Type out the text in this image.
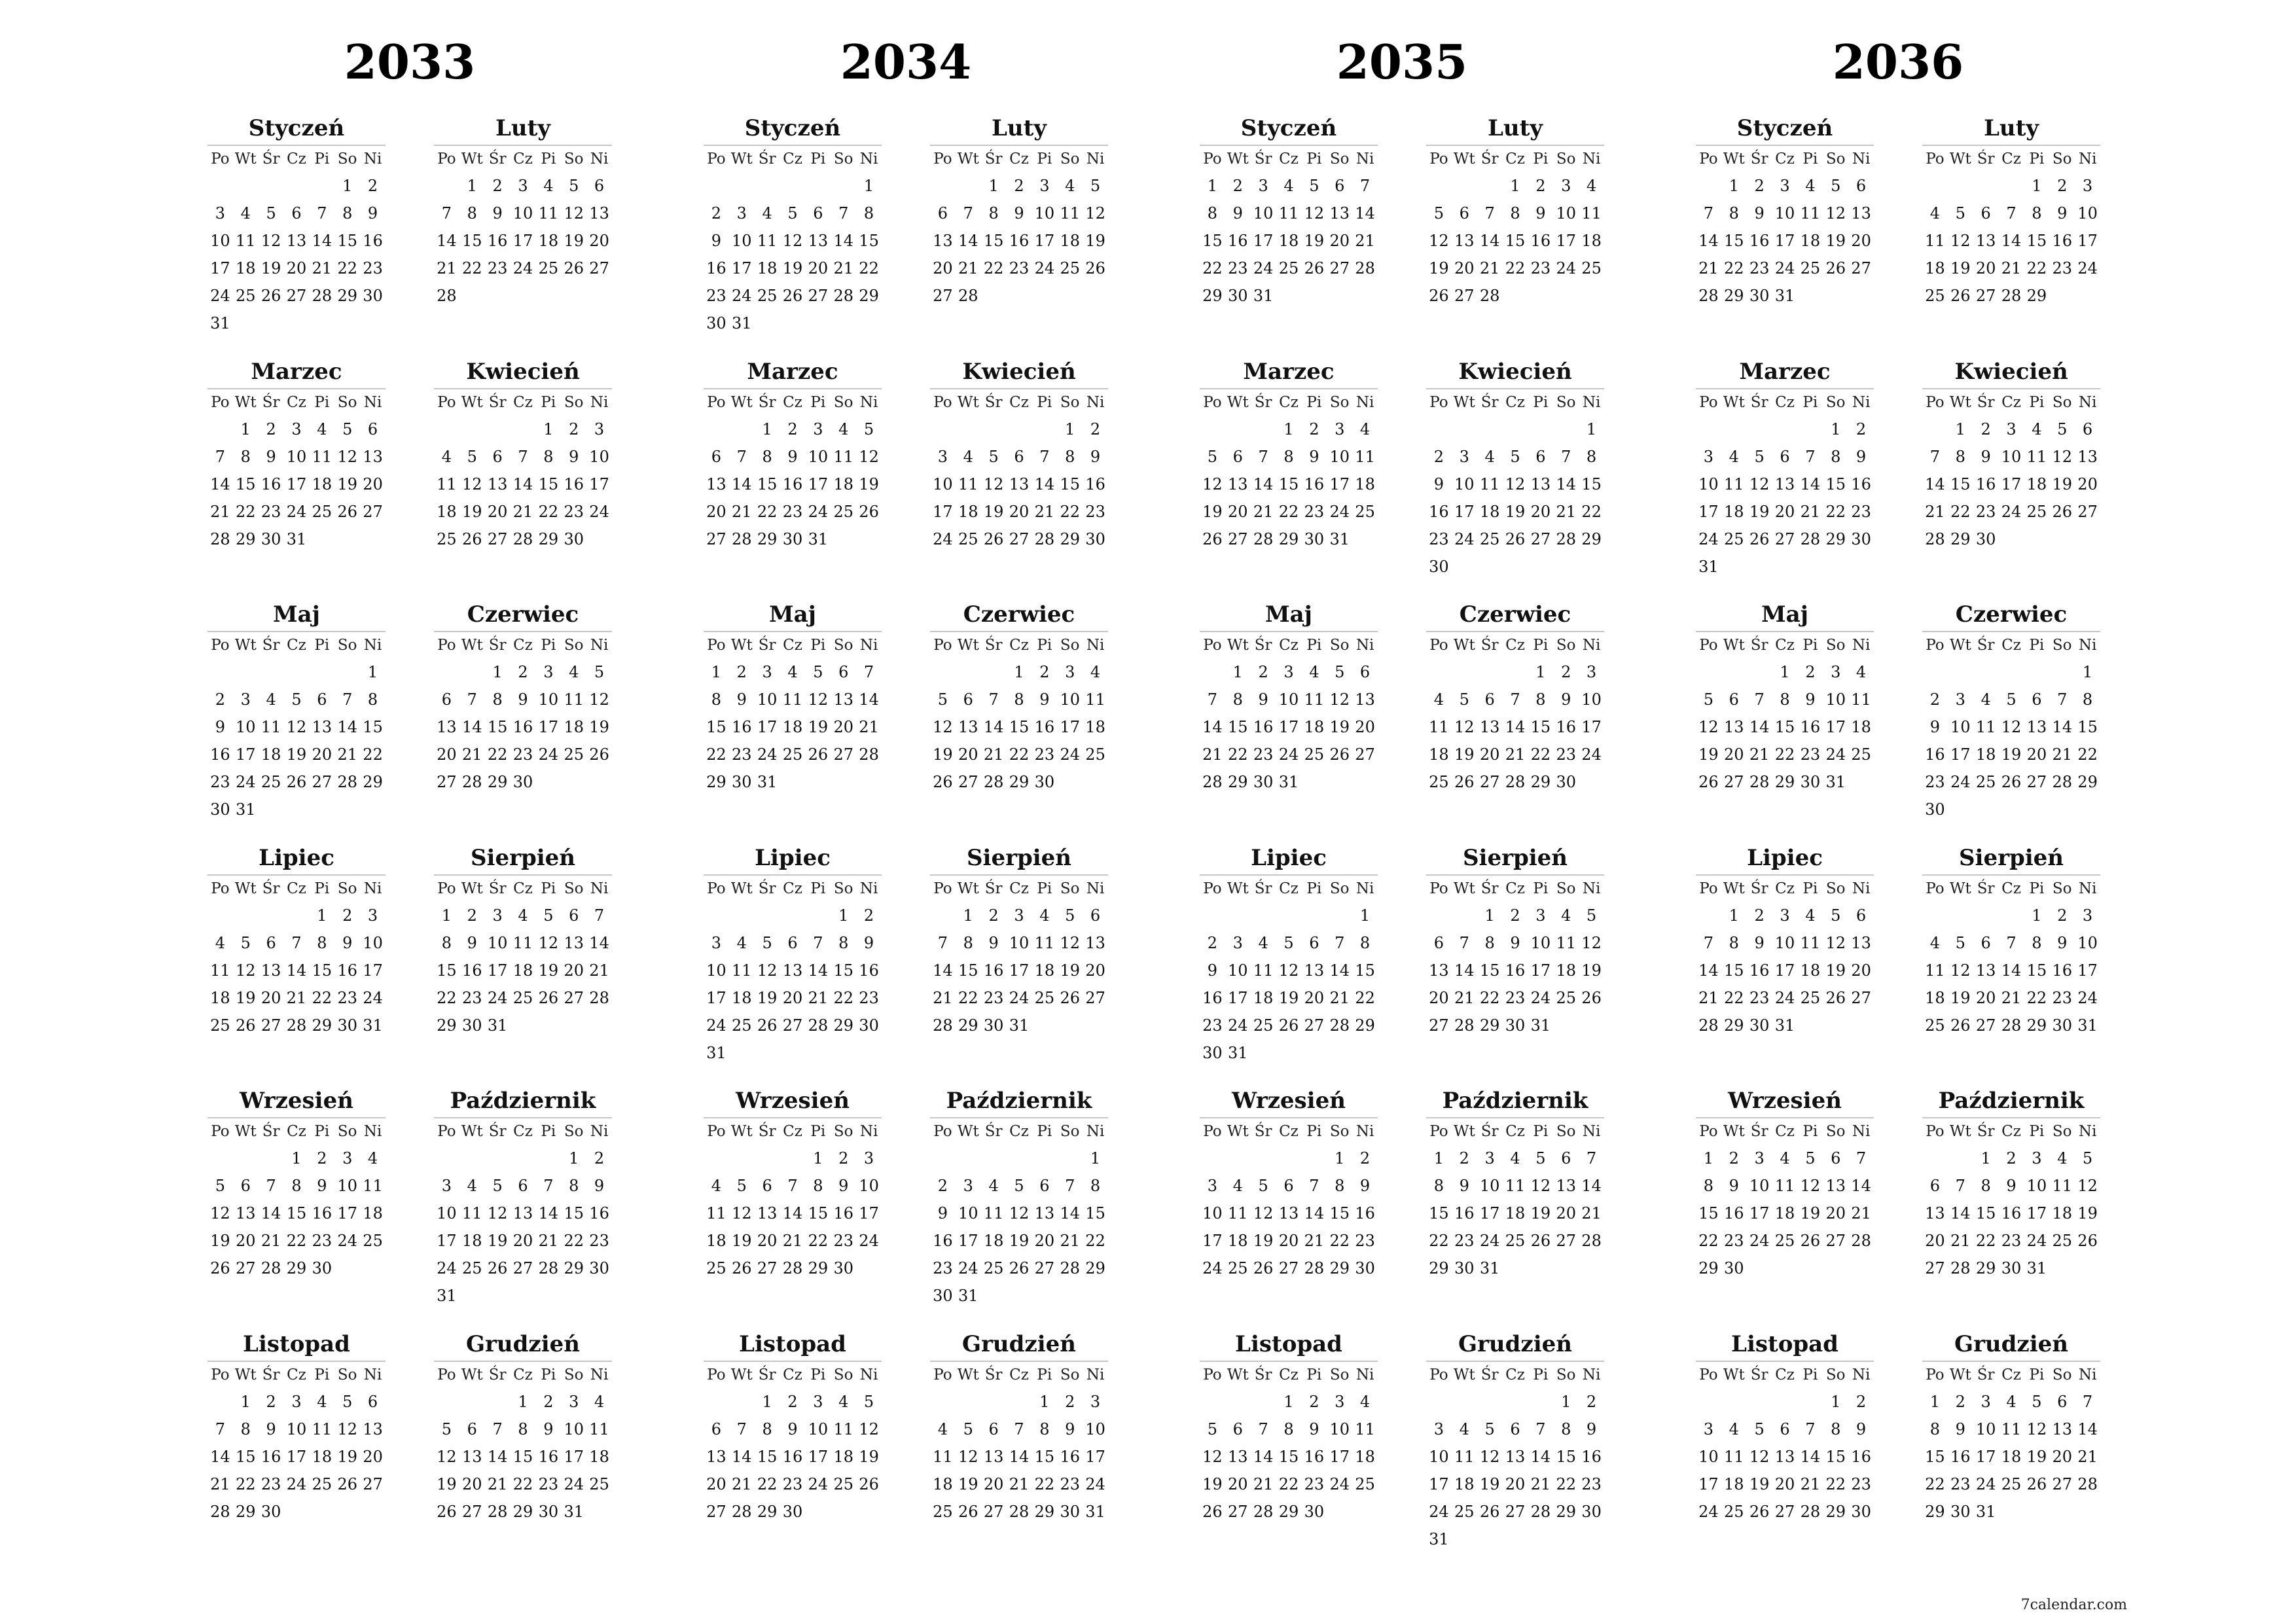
2033
Styczeń
Po Wt Śr Cz Pi So Ni
1 2
3 4 5 6 7 8 9
10 11 12 13 14 15 16
17 18 19 20 21 22 23
24 25 26 27 28 29 30
31
Luty
Po Wt Śr Cz Pi So Ni
1 2 3 4 5 6
7 8 9 10 11 12 13
14 15 16 17 18 19 20
21 22 23 24 25 26 27
28
Marzec
Po Wt Śr Cz Pi So Ni
1 2 3 4 5 6
7 8 9 10 11 12 13
14 15 16 17 18 19 20
21 22 23 24 25 26 27
28 29 30 31
Kwiecień
Po Wt Śr Cz Pi So Ni
1 2 3
4 5 6 7 8 9 10
11 12 13 14 15 16 17
18 19 20 21 22 23 24
25 26 27 28 29 30
Maj
Po Wt Śr Cz Pi So Ni
1
2 3 4 5 6 7 8
9 10 11 12 13 14 15
16 17 18 19 20 21 22
23 24 25 26 27 28 29
30 31
Czerwiec
Po Wt Śr Cz Pi So Ni
1 2 3 4 5
6 7 8 9 10 11 12
13 14 15 16 17 18 19
20 21 22 23 24 25 26
27 28 29 30
Lipiec
Po Wt Śr Cz Pi So Ni
1 2 3
4 5 6 7 8 9 10
11 12 13 14 15 16 17
18 19 20 21 22 23 24
25 26 27 28 29 30 31
Sierpień
Po Wt Śr Cz Pi So Ni
1 2 3 4 5 6 7
8 9 10 11 12 13 14
15 16 17 18 19 20 21
22 23 24 25 26 27 28
29 30 31
Wrzesień
Po Wt Śr Cz Pi So Ni
1 2 3 4
5 6 7 8 9 10 11
12 13 14 15 16 17 18
19 20 21 22 23 24 25
26 27 28 29 30
Październik
Po Wt Śr Cz Pi So Ni
1 2
3 4 5 6 7 8 9
10 11 12 13 14 15 16
17 18 19 20 21 22 23
24 25 26 27 28 29 30
31
Listopad
Po Wt Śr Cz Pi So Ni
1 2 3 4 5 6
7 8 9 10 11 12 13
14 15 16 17 18 19 20
21 22 23 24 25 26 27
28 29 30
Grudzień
Po Wt Śr Cz Pi So Ni
1 2 3 4
5 6 7 8 9 10 11
12 13 14 15 16 17 18
19 20 21 22 23 24 25
26 27 28 29 30 31
2034
Styczeń
Po Wt Śr Cz Pi So Ni
1
2 3 4 5 6 7 8
9 10 11 12 13 14 15
16 17 18 19 20 21 22
23 24 25 26 27 28 29
30 31
Luty
Po Wt Śr Cz Pi So Ni
1 2 3 4 5
6 7 8 9 10 11 12
13 14 15 16 17 18 19
20 21 22 23 24 25 26
27 28
Marzec
Po Wt Śr Cz Pi So Ni
1 2 3 4 5
6 7 8 9 10 11 12
13 14 15 16 17 18 19
20 21 22 23 24 25 26
27 28 29 30 31
Kwiecień
Po Wt Śr Cz Pi So Ni
1 2
3 4 5 6 7 8 9
10 11 12 13 14 15 16
17 18 19 20 21 22 23
24 25 26 27 28 29 30
Maj
Po Wt Śr Cz Pi So Ni
1 2 3 4 5 6 7
8 9 10 11 12 13 14
15 16 17 18 19 20 21
22 23 24 25 26 27 28
29 30 31
Czerwiec
Po Wt Śr Cz Pi So Ni
1 2 3 4
5 6 7 8 9 10 11
12 13 14 15 16 17 18
19 20 21 22 23 24 25
26 27 28 29 30
Lipiec
Po Wt Śr Cz Pi So Ni
1 2
3 4 5 6 7 8 9
10 11 12 13 14 15 16
17 18 19 20 21 22 23
24 25 26 27 28 29 30
31
Sierpień
Po Wt Śr Cz Pi So Ni
1 2 3 4 5 6
7 8 9 10 11 12 13
14 15 16 17 18 19 20
21 22 23 24 25 26 27
28 29 30 31
Wrzesień
Po Wt Śr Cz Pi So Ni
1 2 3
4 5 6 7 8 9 10
11 12 13 14 15 16 17
18 19 20 21 22 23 24
25 26 27 28 29 30
Październik
Po Wt Śr Cz Pi So Ni
1
2 3 4 5 6 7 8
9 10 11 12 13 14 15
16 17 18 19 20 21 22
23 24 25 26 27 28 29
30 31
Listopad
Po Wt Śr Cz Pi So Ni
1 2 3 4 5
6 7 8 9 10 11 12
13 14 15 16 17 18 19
20 21 22 23 24 25 26
27 28 29 30
Grudzień
Po Wt Śr Cz Pi So Ni
1 2 3
4 5 6 7 8 9 10
11 12 13 14 15 16 17
18 19 20 21 22 23 24
25 26 27 28 29 30 31
2035
Styczeń
Po Wt Śr Cz Pi So Ni
1 2 3 4 5 6 7
8 9 10 11 12 13 14
15 16 17 18 19 20 21
22 23 24 25 26 27 28
29 30 31
Luty
Po Wt Śr Cz Pi So Ni
1 2 3 4
5 6 7 8 9 10 11
12 13 14 15 16 17 18
19 20 21 22 23 24 25
26 27 28
Marzec
Po Wt Śr Cz Pi So Ni
1 2 3 4
5 6 7 8 9 10 11
12 13 14 15 16 17 18
19 20 21 22 23 24 25
26 27 28 29 30 31
Kwiecień
Po Wt Śr Cz Pi So Ni
1
2 3 4 5 6 7 8
9 10 11 12 13 14 15
16 17 18 19 20 21 22
23 24 25 26 27 28 29
30
Maj
Po Wt Śr Cz Pi So Ni
1 2 3 4 5 6
7 8 9 10 11 12 13
14 15 16 17 18 19 20
21 22 23 24 25 26 27
28 29 30 31
Czerwiec
Po Wt Śr Cz Pi So Ni
1 2 3
4 5 6 7 8 9 10
11 12 13 14 15 16 17
18 19 20 21 22 23 24
25 26 27 28 29 30
Lipiec
Po Wt Śr Cz Pi So Ni
1
2 3 4 5 6 7 8
9 10 11 12 13 14 15
16 17 18 19 20 21 22
23 24 25 26 27 28 29
30 31
Sierpień
Po Wt Śr Cz Pi So Ni
1 2 3 4 5
6 7 8 9 10 11 12
13 14 15 16 17 18 19
20 21 22 23 24 25 26
27 28 29 30 31
Wrzesień
Po Wt Śr Cz Pi So Ni
1 2
3 4 5 6 7 8 9
10 11 12 13 14 15 16
17 18 19 20 21 22 23
24 25 26 27 28 29 30
Październik
Po Wt Śr Cz Pi So Ni
1 2 3 4 5 6 7
8 9 10 11 12 13 14
15 16 17 18 19 20 21
22 23 24 25 26 27 28
29 30 31
Listopad
Po Wt Śr Cz Pi So Ni
1 2 3 4
5 6 7 8 9 10 11
12 13 14 15 16 17 18
19 20 21 22 23 24 25
26 27 28 29 30
Grudzień
Po Wt Śr Cz Pi So Ni
1 2
3 4 5 6 7 8 9
10 11 12 13 14 15 16
17 18 19 20 21 22 23
24 25 26 27 28 29 30
31
2036
Styczeń
Po Wt Śr Cz Pi So Ni
1 2 3 4 5 6
7 8 9 10 11 12 13
14 15 16 17 18 19 20
21 22 23 24 25 26 27
28 29 30 31
Luty
Po Wt Śr Cz Pi So Ni
1 2 3
4 5 6 7 8 9 10
11 12 13 14 15 16 17
18 19 20 21 22 23 24
25 26 27 28 29
Marzec
Po Wt Śr Cz Pi So Ni
1 2
3 4 5 6 7 8 9
10 11 12 13 14 15 16
17 18 19 20 21 22 23
24 25 26 27 28 29 30
31
Kwiecień
Po Wt Śr Cz Pi So Ni
1 2 3 4 5 6
7 8 9 10 11 12 13
14 15 16 17 18 19 20
21 22 23 24 25 26 27
28 29 30
Maj
Po Wt Śr Cz Pi So Ni
1 2 3 4
5 6 7 8 9 10 11
12 13 14 15 16 17 18
19 20 21 22 23 24 25
26 27 28 29 30 31
Czerwiec
Po Wt Śr Cz Pi So Ni
1
2 3 4 5 6 7 8
9 10 11 12 13 14 15
16 17 18 19 20 21 22
23 24 25 26 27 28 29
30
Lipiec
Po Wt Śr Cz Pi So Ni
1 2 3 4 5 6
7 8 9 10 11 12 13
14 15 16 17 18 19 20
21 22 23 24 25 26 27
28 29 30 31
Sierpień
Po Wt Śr Cz Pi So Ni
1 2 3
4 5 6 7 8 9 10
11 12 13 14 15 16 17
18 19 20 21 22 23 24
25 26 27 28 29 30 31
Wrzesień
Po Wt Śr Cz Pi So Ni
1 2 3 4 5 6 7
8 9 10 11 12 13 14
15 16 17 18 19 20 21
22 23 24 25 26 27 28
29 30
Październik
Po Wt Śr Cz Pi So Ni
1 2 3 4 5
6 7 8 9 10 11 12
13 14 15 16 17 18 19
20 21 22 23 24 25 26
27 28 29 30 31
Listopad
Po Wt Śr Cz Pi So Ni
1 2
3 4 5 6 7 8 9
10 11 12 13 14 15 16
17 18 19 20 21 22 23
24 25 26 27 28 29 30
Grudzień
Po Wt Śr Cz Pi So Ni
1 2 3 4 5 6 7
8 9 10 11 12 13 14
15 16 17 18 19 20 21
22 23 24 25 26 27 28
29 30 31
7calendar.com
